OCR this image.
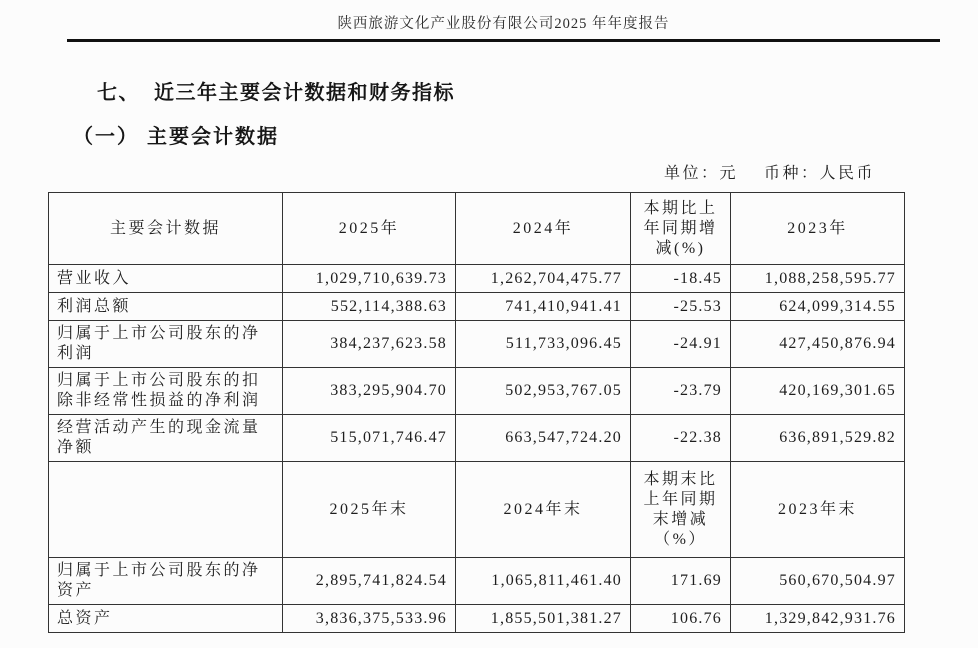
陕西旅游文化产业股份有限公司2025 年年度报告
七、 近三年主要会计数据和财务指标
（一） 主要会计数据
单位：元 币种：人民币
主要会计数据	2025年	2024年	本期比上年同期增减(%)	2023年
营业收入	1,029,710,639.73	1,262,704,475.77	-18.45	1,088,258,595.77
利润总额	552,114,388.63	741,410,941.41	-25.53	624,099,314.55
归属于上市公司股东的净利润	384,237,623.58	511,733,096.45	-24.91	427,450,876.94
归属于上市公司股东的扣除非经常性损益的净利润	383,295,904.70	502,953,767.05	-23.79	420,169,301.65
经营活动产生的现金流量净额	515,071,746.47	663,547,724.20	-22.38	636,891,529.82
	2025年末	2024年末	本期末比上年同期末增减（%）	2023年末
归属于上市公司股东的净资产	2,895,741,824.54	1,065,811,461.40	171.69	560,670,504.97
总资产	3,836,375,533.96	1,855,501,381.27	106.76	1,329,842,931.76
